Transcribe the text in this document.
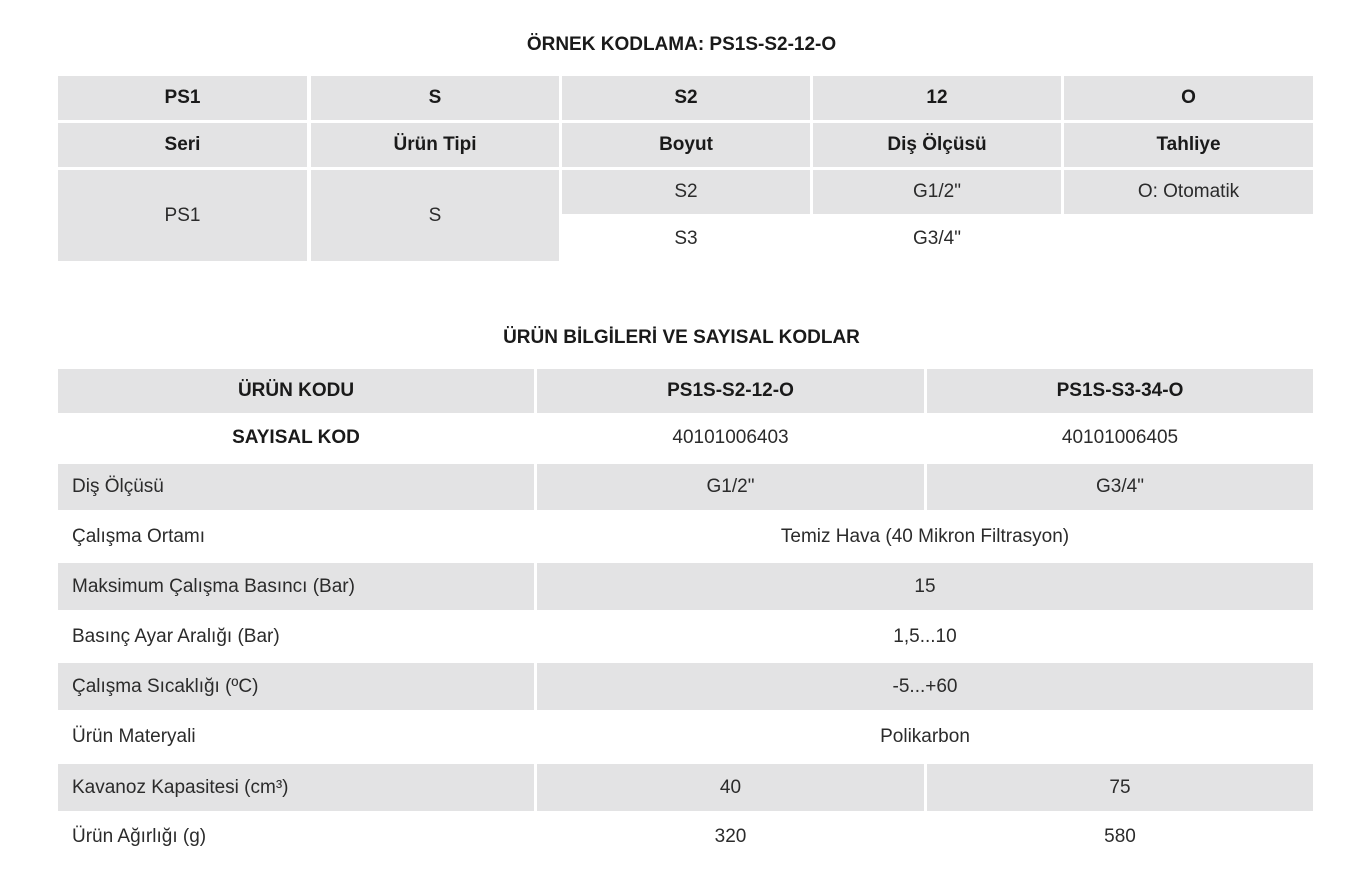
ÖRNEK KODLAMA: PS1S-S2-12-O
PS1	S	S2	12	O
Seri	Ürün Tipi	Boyut	Diş Ölçüsü	Tahliye
PS1	S
S2	G1/2"	O: Otomatik
S3	G3/4"
ÜRÜN BİLGİLERİ VE SAYISAL KODLAR
ÜRÜN KODU	PS1S-S2-12-O	PS1S-S3-34-O
SAYISAL KOD	40101006403	40101006405
Diş Ölçüsü	G1/2"	G3/4"
Çalışma Ortamı	Temiz Hava (40 Mikron Filtrasyon)
Maksimum Çalışma Basıncı (Bar)	15
Basınç Ayar Aralığı (Bar)	1,5...10
Çalışma Sıcaklığı (ºC)	-5...+60
Ürün Materyali	Polikarbon
Kavanoz Kapasitesi (cm³)	40	75
Ürün Ağırlığı (g)	320	580
